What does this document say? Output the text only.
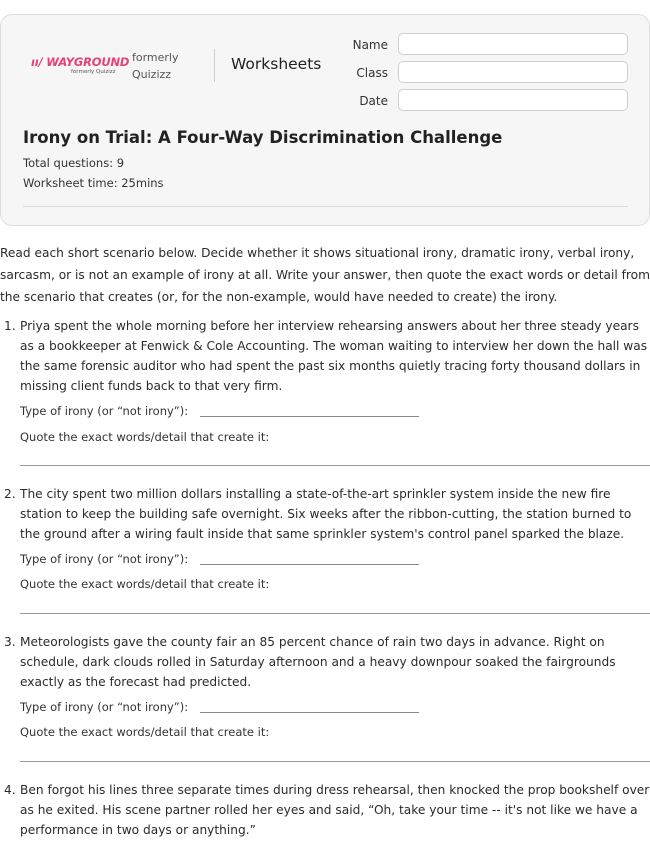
ıı/ WAYGROUND
formerly Quizizz
formerly Quizizz
Worksheets
Name
Class
Date
Irony on Trial: A Four-Way Discrimination Challenge
Total questions: 9
Worksheet time: 25mins
Read each short scenario below. Decide whether it shows situational irony, dramatic irony, verbal irony, sarcasm, or is not an example of irony at all. Write your answer, then quote the exact words or detail from the scenario that creates (or, for the non-example, would have needed to create) the irony.
1. Priya spent the whole morning before her interview rehearsing answers about her three steady years as a bookkeeper at Fenwick & Cole Accounting. The woman waiting to interview her down the hall was the same forensic auditor who had spent the past six months quietly tracing forty thousand dollars in missing client funds back to that very firm.
Type of irony (or “not irony”):
Quote the exact words/detail that create it:
2. The city spent two million dollars installing a state-of-the-art sprinkler system inside the new fire station to keep the building safe overnight. Six weeks after the ribbon-cutting, the station burned to the ground after a wiring fault inside that same sprinkler system's control panel sparked the blaze.
Type of irony (or “not irony”):
Quote the exact words/detail that create it:
3. Meteorologists gave the county fair an 85 percent chance of rain two days in advance. Right on schedule, dark clouds rolled in Saturday afternoon and a heavy downpour soaked the fairgrounds exactly as the forecast had predicted.
Type of irony (or “not irony”):
Quote the exact words/detail that create it:
4. Ben forgot his lines three separate times during dress rehearsal, then knocked the prop bookshelf over as he exited. His scene partner rolled her eyes and said, “Oh, take your time -- it's not like we have a performance in two days or anything.”
